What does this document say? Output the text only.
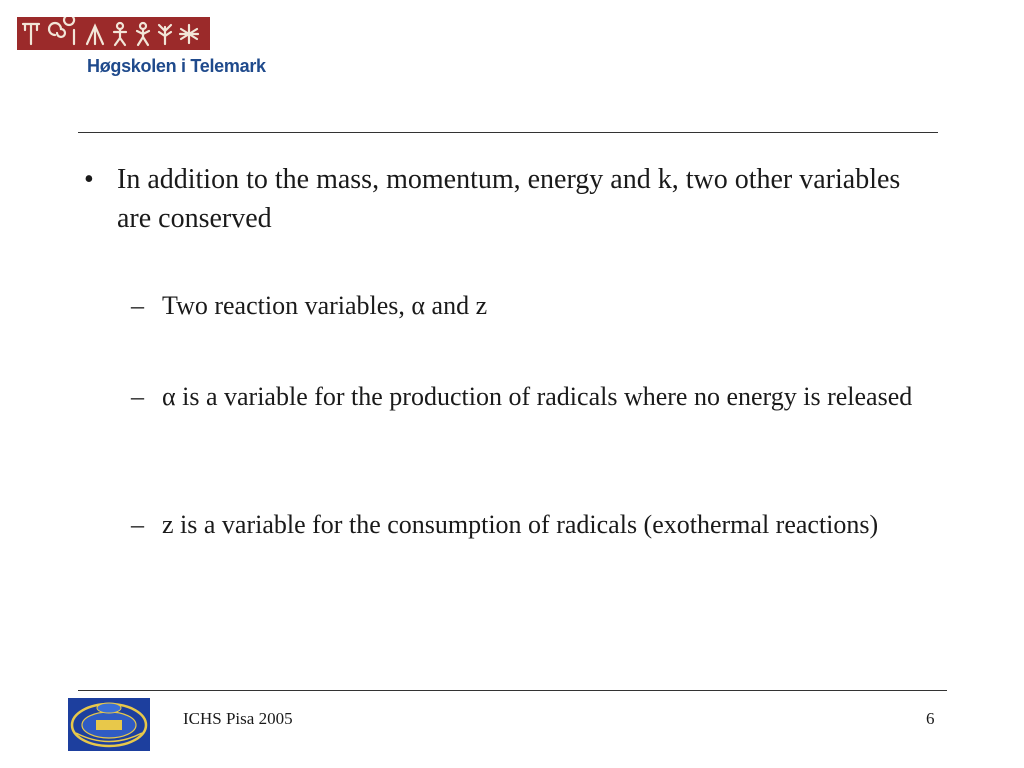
Høgskolen i Telemark
• In addition to the mass, momentum, energy and k, two other variables are conserved
– Two reaction variables, α and z
– α is a variable for the production of radicals where no energy is released
– z is a variable for the consumption of radicals (exothermal reactions)
ICHS Pisa 2005	6
